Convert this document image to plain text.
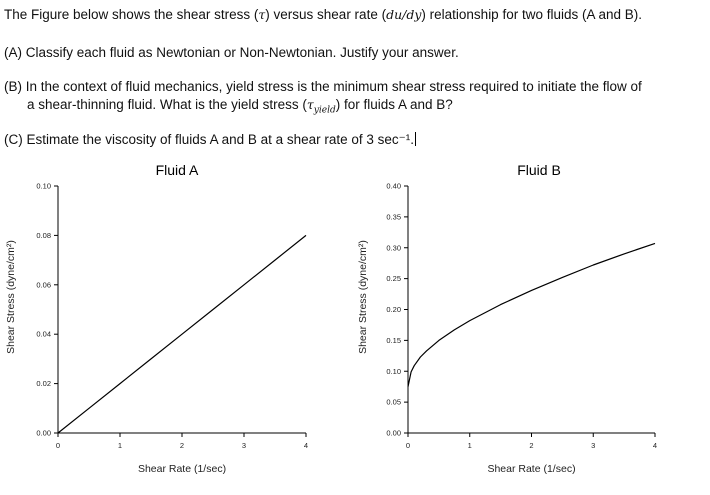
The Figure below shows the shear stress (τ) versus shear rate (du/dy) relationship for two fluids (A and B).
(A) Classify each fluid as Newtonian or Non-Newtonian. Justify your answer.
(B) In the context of fluid mechanics, yield stress is the minimum shear stress required to initiate the flow of
a shear-thinning fluid. What is the yield stress $(\tau_{yield})$ for fluids A and B?
(C) Estimate the viscosity of fluids A and B at a shear rate of 3 sec⁻¹.
Fluid A
0.00
0.02
0.04
0.06
0.08
0.10
0	1	2	3	4
Shear Rate (1/sec)
Shear Stress (dyne/cm²)
Fluid B
0.00
0.05
0.10
0.15
0.20
0.25
0.30
0.35
0.40
0	1	2	3	4
Shear Rate (1/sec)
Shear Stress (dyne/cm²)
